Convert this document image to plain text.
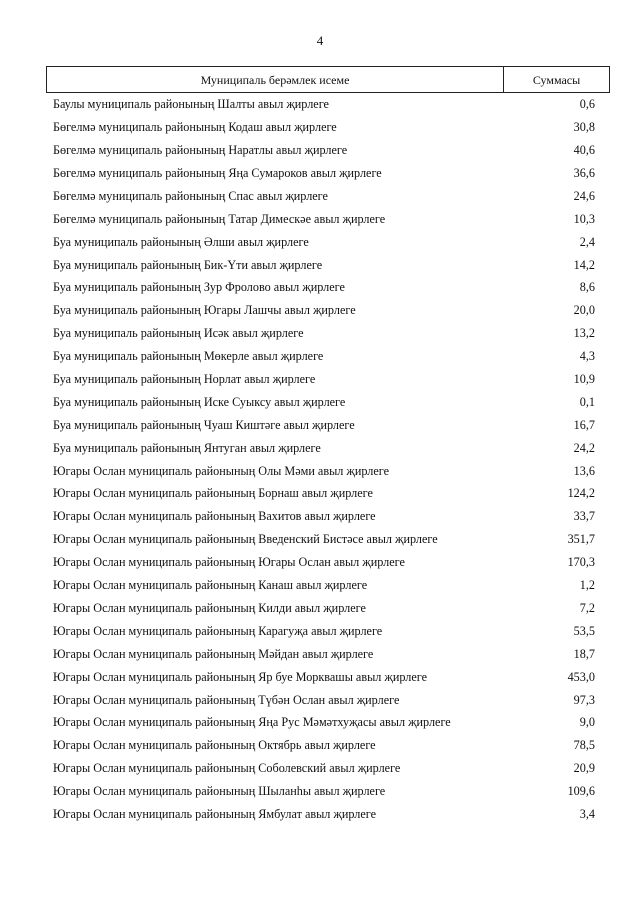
4
Муниципаль берәмлек исеме	Суммасы
Баулы муниципаль районының Шалты авыл җирлеге	0,6
Бөгелмә муниципаль районының Кодаш авыл җирлеге	30,8
Бөгелмә муниципаль районының Наратлы авыл җирлеге	40,6
Бөгелмә муниципаль районының Яңа Сумароков авыл җирлеге	36,6
Бөгелмә муниципаль районының Спас авыл җирлеге	24,6
Бөгелмә муниципаль районының Татар Димескәе авыл җирлеге	10,3
Буа муниципаль районының Әлши авыл җирлеге	2,4
Буа муниципаль районының Бик-Үти авыл җирлеге	14,2
Буа муниципаль районының Зур Фролово авыл җирлеге	8,6
Буа муниципаль районының Югары Лашчы авыл җирлеге	20,0
Буа муниципаль районының Исәк авыл җирлеге	13,2
Буа муниципаль районының Мөкерле авыл җирлеге	4,3
Буа муниципаль районының Норлат авыл җирлеге	10,9
Буа муниципаль районының Иске Суыксу авыл җирлеге	0,1
Буа муниципаль районының Чуаш Киштәге авыл җирлеге	16,7
Буа муниципаль районының Янтуган авыл җирлеге	24,2
Югары Ослан муниципаль районының Олы Мәми авыл җирлеге	13,6
Югары Ослан муниципаль районының Борнаш авыл җирлеге	124,2
Югары Ослан муниципаль районының Вахитов авыл җирлеге	33,7
Югары Ослан муниципаль районының Введенский Бистәсе авыл җирлеге	351,7
Югары Ослан муниципаль районының Югары Ослан авыл җирлеге	170,3
Югары Ослан муниципаль районының Канаш авыл җирлеге	1,2
Югары Ослан муниципаль районының Килди авыл җирлеге	7,2
Югары Ослан муниципаль районының Карагуҗа авыл җирлеге	53,5
Югары Ослан муниципаль районының Мәйдан авыл җирлеге	18,7
Югары Ослан муниципаль районының Яр буе Морквашы авыл җирлеге	453,0
Югары Ослан муниципаль районының Түбән Ослан авыл җирлеге	97,3
Югары Ослан муниципаль районының Яңа Рус Мәмәтхуҗасы авыл җирлеге	9,0
Югары Ослан муниципаль районының Октябрь авыл җирлеге	78,5
Югары Ослан муниципаль районының Соболевский авыл җирлеге	20,9
Югары Ослан муниципаль районының Шыланһы авыл җирлеге	109,6
Югары Ослан муниципаль районының Ямбулат авыл җирлеге	3,4
